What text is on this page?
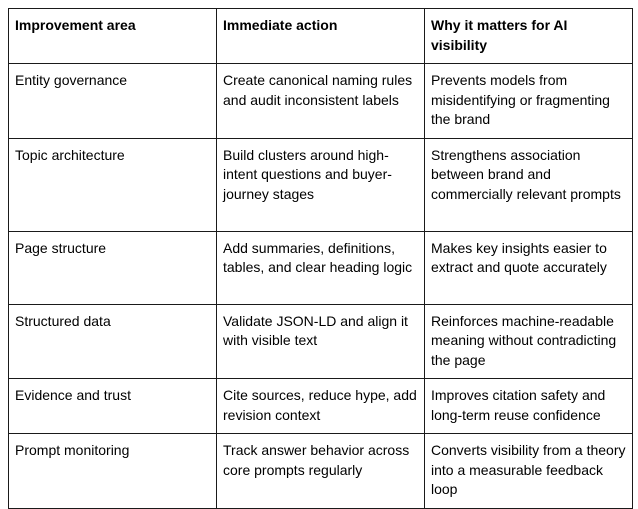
Improvement area	Immediate action	Why it matters for AI visibility
Entity governance	Create canonical naming rules and audit inconsistent labels	Prevents models from misidentifying or fragmenting the brand
Topic architecture	Build clusters around high-intent questions and buyer-journey stages	Strengthens association between brand and commercially relevant prompts
Page structure	Add summaries, definitions, tables, and clear heading logic	Makes key insights easier to extract and quote accurately
Structured data	Validate JSON-LD and align it with visible text	Reinforces machine-readable meaning without contradicting the page
Evidence and trust	Cite sources, reduce hype, add revision context	Improves citation safety and long-term reuse confidence
Prompt monitoring	Track answer behavior across core prompts regularly	Converts visibility from a theory into a measurable feedback loop
